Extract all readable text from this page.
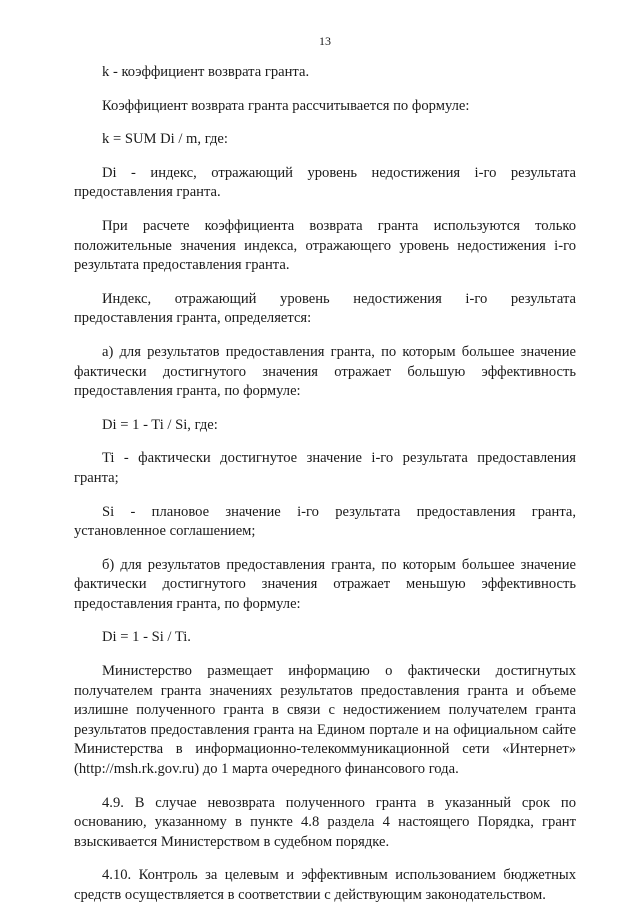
13

k - коэффициент возврата гранта.

Коэффициент возврата гранта рассчитывается по формуле:

k = SUM Di / m, где:

Di - индекс, отражающий уровень недостижения i-го результата предоставления гранта.

При расчете коэффициента возврата гранта используются только положительные значения индекса, отражающего уровень недостижения i-го результата предоставления гранта.

Индекс, отражающий уровень недостижения i-го результата предоставления гранта, определяется:

а) для результатов предоставления гранта, по которым большее значение фактически достигнутого значения отражает большую эффективность предоставления гранта, по формуле:

Di = 1 - Ti / Si, где:

Ti - фактически достигнутое значение i-го результата предоставления гранта;

Si - плановое значение i-го результата предоставления гранта, установленное соглашением;

б) для результатов предоставления гранта, по которым большее значение фактически достигнутого значения отражает меньшую эффективность предоставления гранта, по формуле:

Di = 1 - Si / Ti.

Министерство размещает информацию о фактически достигнутых получателем гранта значениях результатов предоставления гранта и объеме излишне полученного гранта в связи с недостижением получателем гранта результатов предоставления гранта на Едином портале и на официальном сайте Министерства в информационно-телекоммуникационной сети «Интернет» (http://msh.rk.gov.ru) до 1 марта очередного финансового года.

4.9. В случае невозврата полученного гранта в указанный срок по основанию, указанному в пункте 4.8 раздела 4 настоящего Порядка, грант взыскивается Министерством в судебном порядке.

4.10. Контроль за целевым и эффективным использованием бюджетных средств осуществляется в соответствии с действующим законодательством.
